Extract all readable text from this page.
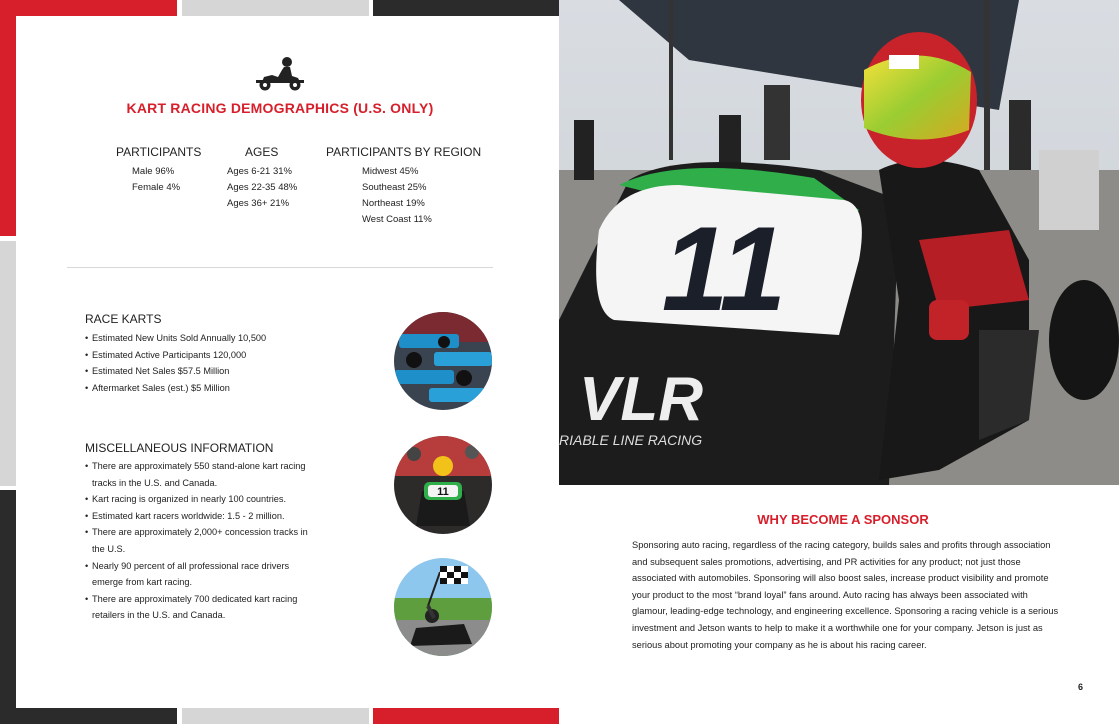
KART RACING DEMOGRAPHICS (U.S. ONLY)
PARTICIPANTS
Male 96%
Female 4%
AGES
Ages 6-21 31%
Ages 22-35 48%
Ages 36+ 21%
PARTICIPANTS BY REGION
Midwest 45%
Southeast 25%
Northeast 19%
West Coast 11%
RACE KARTS
• Estimated New Units Sold Annually 10,500
• Estimated Active Participants 120,000
• Estimated Net Sales $57.5 Million
• Aftermarket Sales (est.) $5 Million
MISCELLANEOUS INFORMATION
• There are approximately 550 stand-alone kart racing tracks in the U.S. and Canada.
• Kart racing is organized in nearly 100 countries.
• Estimated kart racers worldwide: 1.5 - 2 million.
• There are approximately 2,000+ concession tracks in the U.S.
• Nearly 90 percent of all professional race drivers emerge from kart racing.
• There are approximately 700 dedicated kart racing retailers in the U.S. and Canada.
11
11
VLR
RIABLE LINE RACING
WHY BECOME A SPONSOR
Sponsoring auto racing, regardless of the racing category, builds sales and profits through association and subsequent sales promotions, advertising, and PR activities for any product; not just those associated with automobiles. Sponsoring will also boost sales, increase product visibility and promote your product to the most “brand loyal” fans around. Auto racing has always been associated with glamour, leading-edge technology, and engineering excellence. Sponsoring a racing vehicle is a serious investment and Jetson wants to help to make it a worthwhile one for your company. Jetson is just as serious about promoting your company as he is about his racing career.
6
